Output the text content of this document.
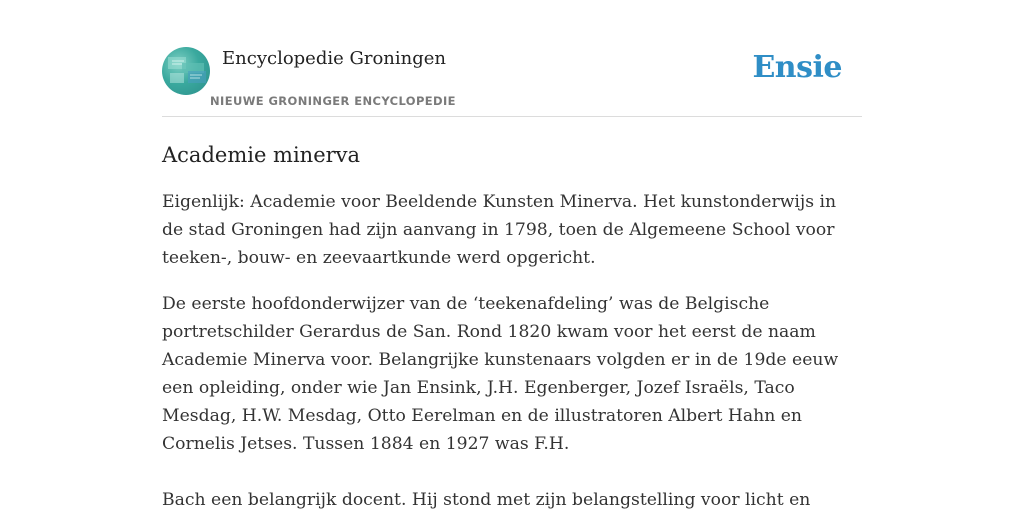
Encyclopedie Groningen
NIEUWE GRONINGER ENCYCLOPEDIE
Ensie
Academie minerva

Eigenlijk: Academie voor Beeldende Kunsten Minerva. Het kunstonderwijs in de stad Groningen had zijn aanvang in 1798, toen de Algemeene School voor teeken-, bouw- en zeevaartkunde werd opgericht.

De eerste hoofdonderwijzer van de ‘teekenafdeling’ was de Belgische portretschilder Gerardus de San. Rond 1820 kwam voor het eerst de naam Academie Minerva voor. Belangrijke kunstenaars volgden er in de 19de eeuw een opleiding, onder wie Jan Ensink, J.H. Egenberger, Jozef Israëls, Taco Mesdag, H.W. Mesdag, Otto Eerelman en de illustratoren Albert Hahn en Cornelis Jetses. Tussen 1884 en 1927 was F.H.

Bach een belangrijk docent. Hij stond met zijn belangstelling voor licht en
